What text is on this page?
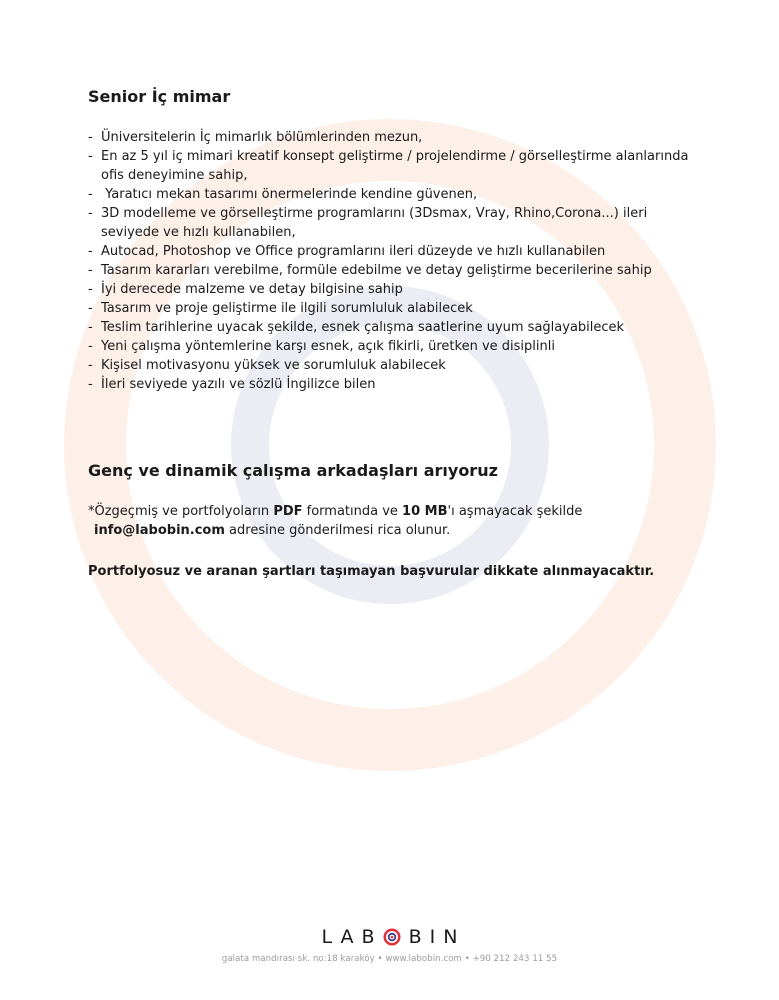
Senior İç mimar
- Üniversitelerin İç mimarlık bölümlerinden mezun,
- En az 5 yıl iç mimari kreatif konsept geliştirme / projelendirme / görselleştirme alanlarında ofis deneyimine sahip,
- Yaratıcı mekan tasarımı önermelerinde kendine güvenen,
- 3D modelleme ve görselleştirme programlarını (3Dsmax, Vray, Rhino,Corona...) ileri seviyede ve hızlı kullanabilen,
- Autocad, Photoshop ve Office programlarını ileri düzeyde ve hızlı kullanabilen
- Tasarım kararları verebilme, formüle edebilme ve detay geliştirme becerilerine sahip
- İyi derecede malzeme ve detay bilgisine sahip
- Tasarım ve proje geliştirme ile ilgili sorumluluk alabilecek
- Teslim tarihlerine uyacak şekilde, esnek çalışma saatlerine uyum sağlayabilecek
- Yeni çalışma yöntemlerine karşı esnek, açık fikirli, üretken ve disiplinli
- Kişisel motivasyonu yüksek ve sorumluluk alabilecek
- İleri seviyede yazılı ve sözlü İngilizce bilen
Genç ve dinamik çalışma arkadaşları arıyoruz

*Özgeçmiş ve portfolyoların PDF formatında ve 10 MB'ı aşmayacak şekilde
info@labobin.com adresine gönderilmesi rica olunur.

Portfolyosuz ve aranan şartları taşımayan başvurular dikkate alınmayacaktır.

LAB BIN
galata mandırası sk. no:18 karaköy • www.labobin.com • +90 212 243 11 55
